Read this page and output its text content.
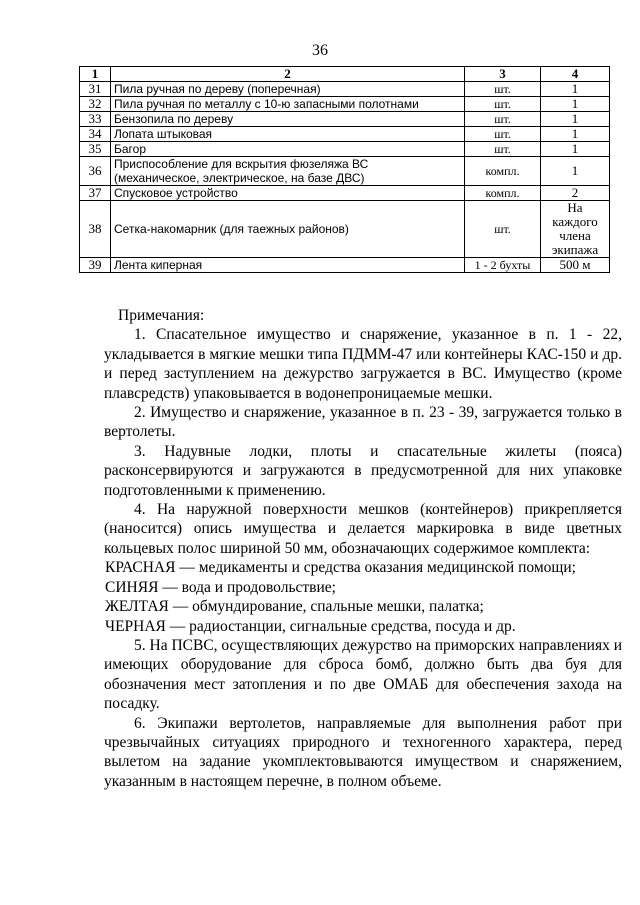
36
1	2	3	4
31	Пила ручная по дереву (поперечная)	шт.	1
32	Пила ручная по металлу с 10-ю запасными полотнами	шт.	1
33	Бензопила по дереву	шт.	1
34	Лопата штыковая	шт.	1
35	Багор	шт.	1
36	Приспособление для вскрытия фюзеляжа ВС
(механическое, электрическое, на базе ДВС)	компл.	1
37	Спусковое устройство	компл.	2
38	Сетка-накомарник (для таежных районов)	шт.	На
каждого
члена
экипажа

39	Лента киперная	1 - 2 бухты	500 м

Примечания:

1. Спасательное имущество и снаряжение, указанное в п. 1 - 22, укладывается в мягкие мешки типа ПДММ-47 или контейнеры КАС-150 и др. и перед заступлением на дежурство загружается в ВС. Имущество (кроме плавсредств) упаковывается в водонепроницаемые мешки.

2. Имущество и снаряжение, указанное в п. 23 - 39, загружается только в вертолеты.

3. Надувные лодки, плоты и спасательные жилеты (пояса) расконсервируются и загружаются в предусмотренной для них упаковке подготовленными к применению.

4. На наружной поверхности мешков (контейнеров) прикрепляется (наносится) опись имущества и делается маркировка в виде цветных кольцевых полос шириной 50 мм, обозначающих содержимое комплекта:

КРАСНАЯ — медикаменты и средства оказания медицинской помощи;

СИНЯЯ — вода и продовольствие;

ЖЕЛТАЯ — обмундирование, спальные мешки, палатка;

ЧЕРНАЯ — радиостанции, сигнальные средства, посуда и др.

5. На ПСВС, осуществляющих дежурство на приморских направлениях и имеющих оборудование для сброса бомб, должно быть два буя для обозначения мест затопления и по две ОМАБ для обеспечения захода на посадку.

6. Экипажи вертолетов, направляемые для выполнения работ при чрезвычайных ситуациях природного и техногенного характера, перед вылетом на задание укомплектовываются имуществом и снаряжением, указанным в настоящем перечне, в полном объеме.
